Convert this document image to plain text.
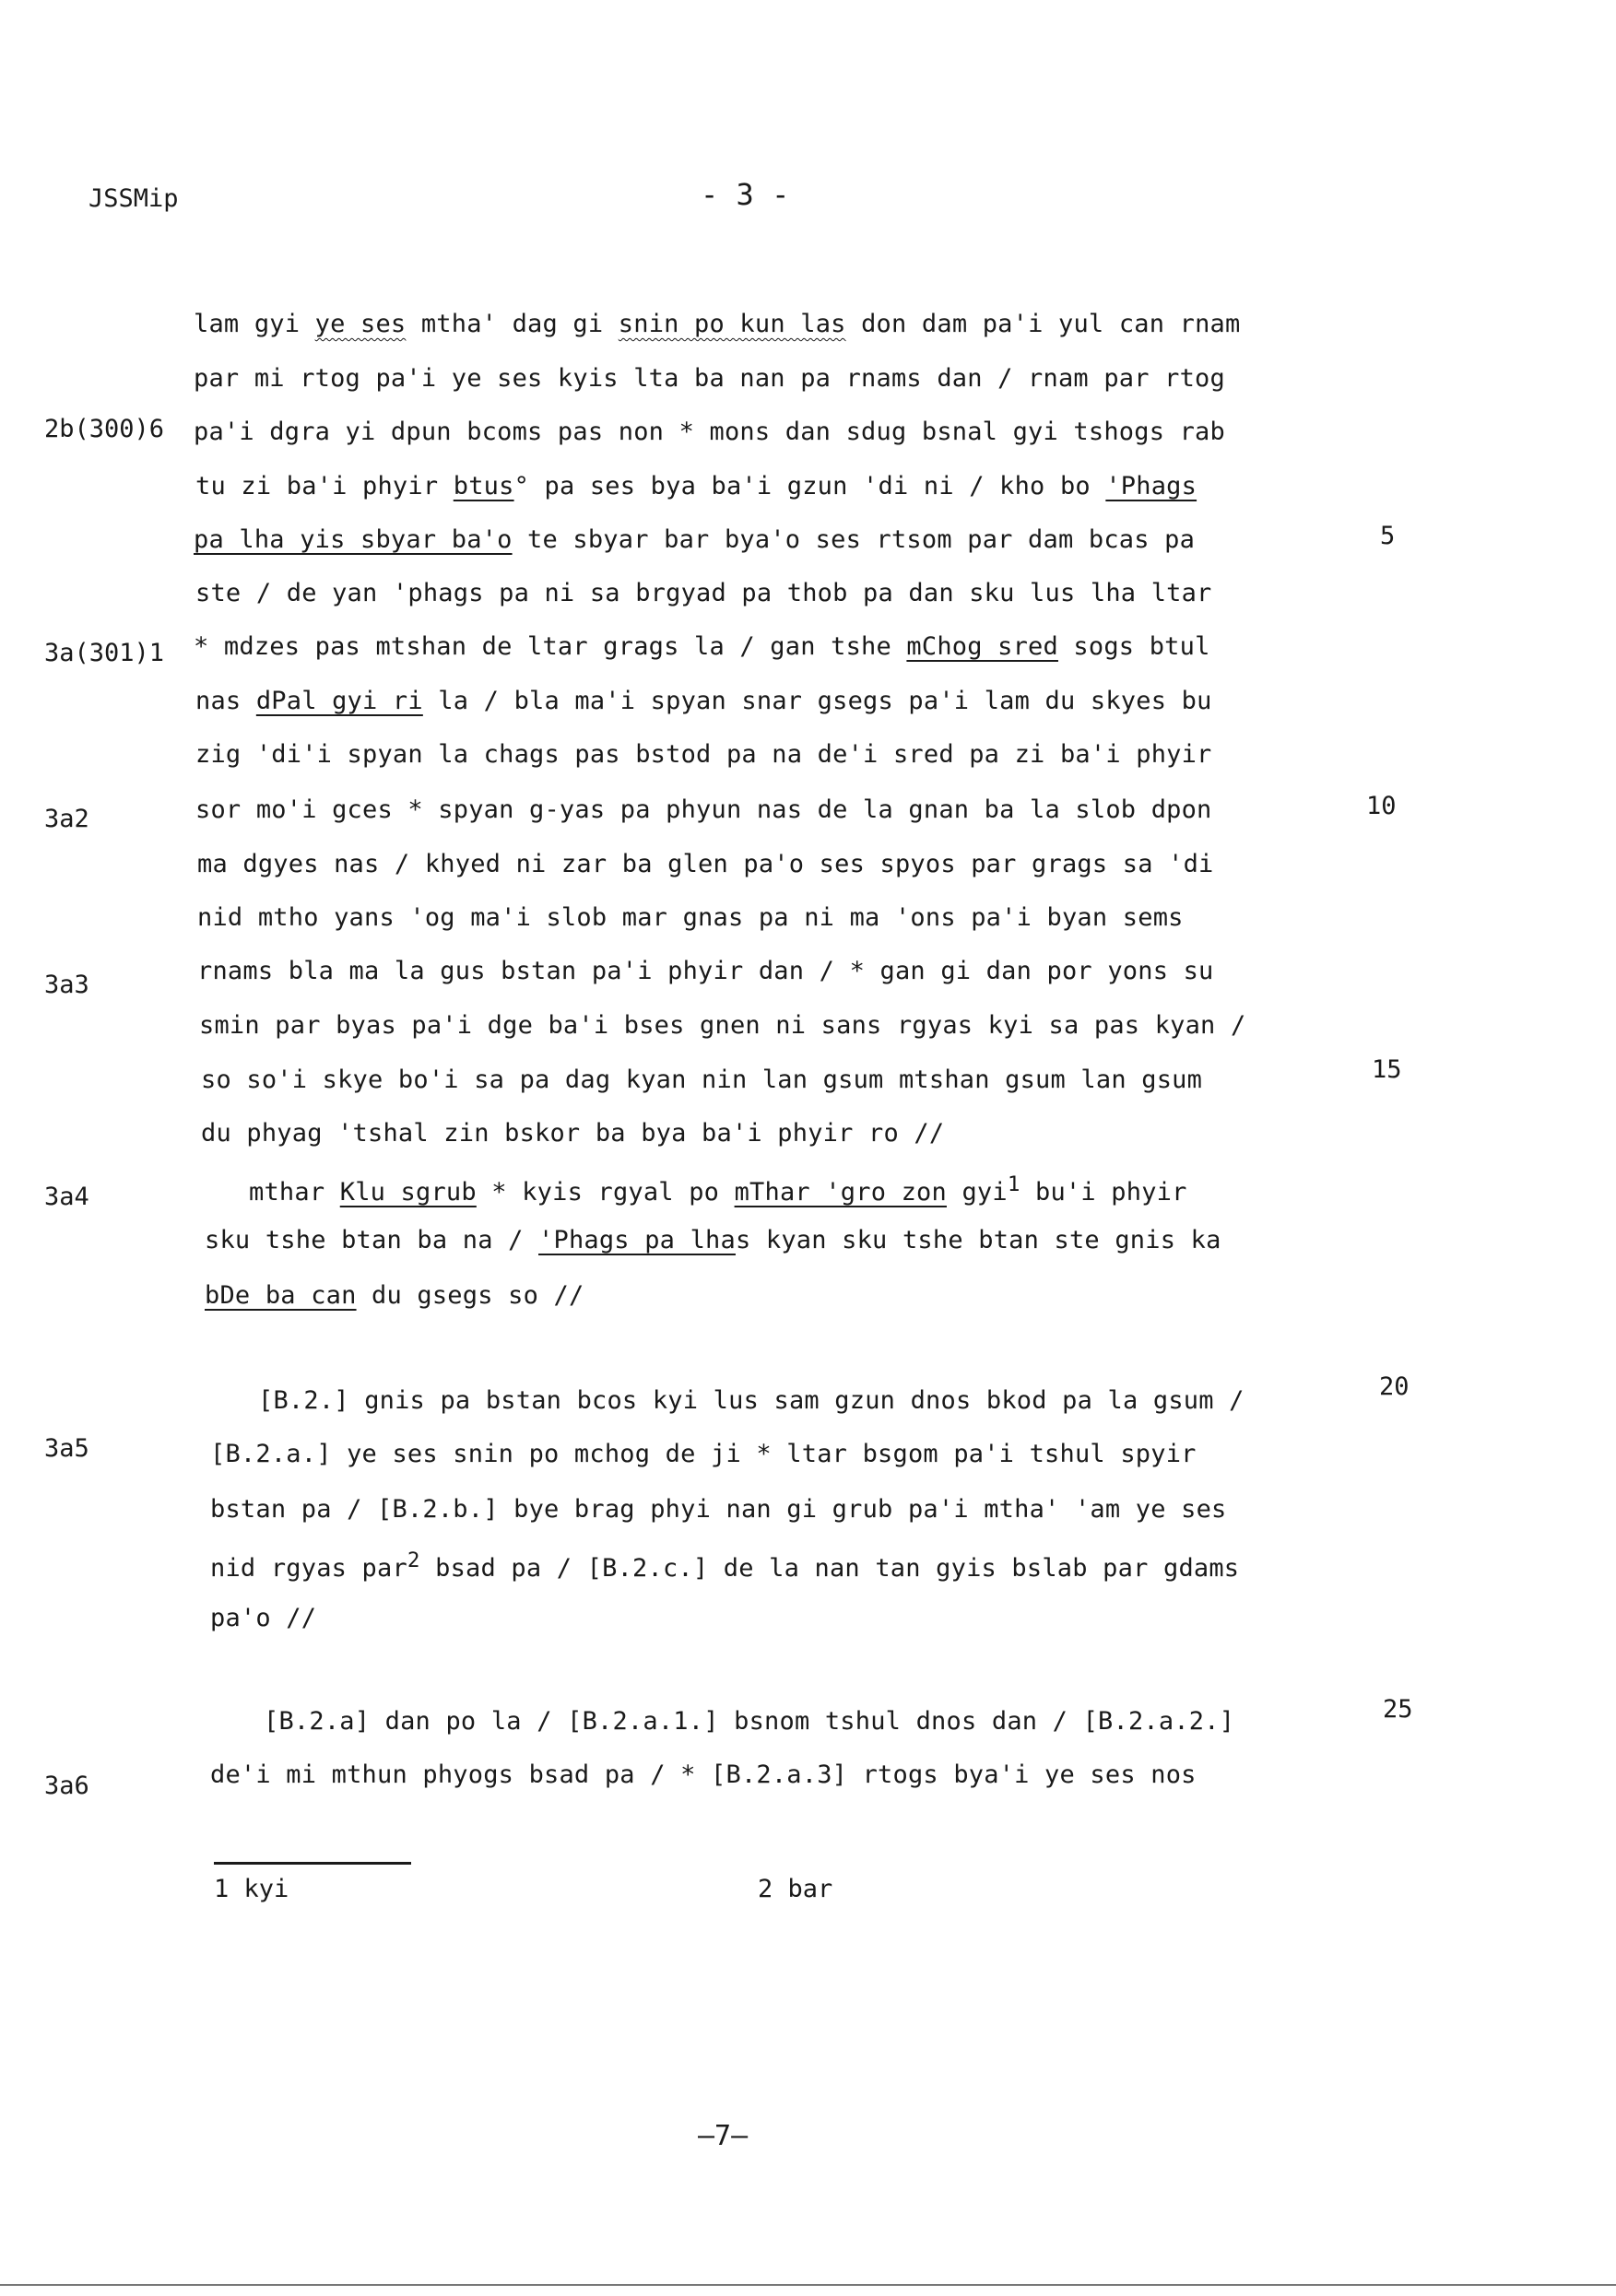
JSSMip	- 3 -
lam gyi ye ses mtha' dag gi snin po kun las don dam pa'i yul can rnam
par mi rtog pa'i ye ses kyis lta ba nan pa rnams dan / rnam par rtog
pa'i dgra yi dpun bcoms pas non * mons dan sdug bsnal gyi tshogs rab
tu zi ba'i phyir btus° pa ses bya ba'i gzun 'di ni / kho bo 'Phags
pa lha yis sbyar ba'o te sbyar bar bya'o ses rtsom par dam bcas pa
ste / de yan 'phags pa ni sa brgyad pa thob pa dan sku lus lha ltar
* mdzes pas mtshan de ltar grags la / gan tshe mChog sred sogs btul
nas dPal gyi ri la / bla ma'i spyan snar gsegs pa'i lam du skyes bu
zig 'di'i spyan la chags pas bstod pa na de'i sred pa zi ba'i phyir
sor mo'i gces * spyan g-yas pa phyun nas de la gnan ba la slob dpon
ma dgyes nas / khyed ni zar ba glen pa'o ses spyos par grags sa 'di
nid mtho yans 'og ma'i slob mar gnas pa ni ma 'ons pa'i byan sems
rnams bla ma la gus bstan pa'i phyir dan / * gan gi dan por yons su
smin par byas pa'i dge ba'i bses gnen ni sans rgyas kyi sa pas kyan /
so so'i skye bo'i sa pa dag kyan nin lan gsum mtshan gsum lan gsum
du phyag 'tshal zin bskor ba bya ba'i phyir ro //
mthar Klu sgrub * kyis rgyal po mThar 'gro zon gyi$^1$ bu'i phyir
sku tshe btan ba na / 'Phags pa lhas kyan sku tshe btan ste gnis ka
bDe ba can du gsegs so //
[B.2.] gnis pa bstan bcos kyi lus sam gzun dnos bkod pa la gsum /
[B.2.a.] ye ses snin po mchog de ji * ltar bsgom pa'i tshul spyir
bstan pa / [B.2.b.] bye brag phyi nan gi grub pa'i mtha' 'am ye ses
nid rgyas par$^2$ bsad pa / [B.2.c.] de la nan tan gyis bslab par gdams
pa'o //
[B.2.a] dan po la / [B.2.a.1.] bsnom tshul dnos dan / [B.2.a.2.]
de'i mi mthun phyogs bsad pa / * [B.2.a.3] rtogs bya'i ye ses nos
2b(300)6
3a(301)1
3a2
3a3
3a4
3a5
3a6
5
10
15
20
25
1 kyi	2 bar
—7—
